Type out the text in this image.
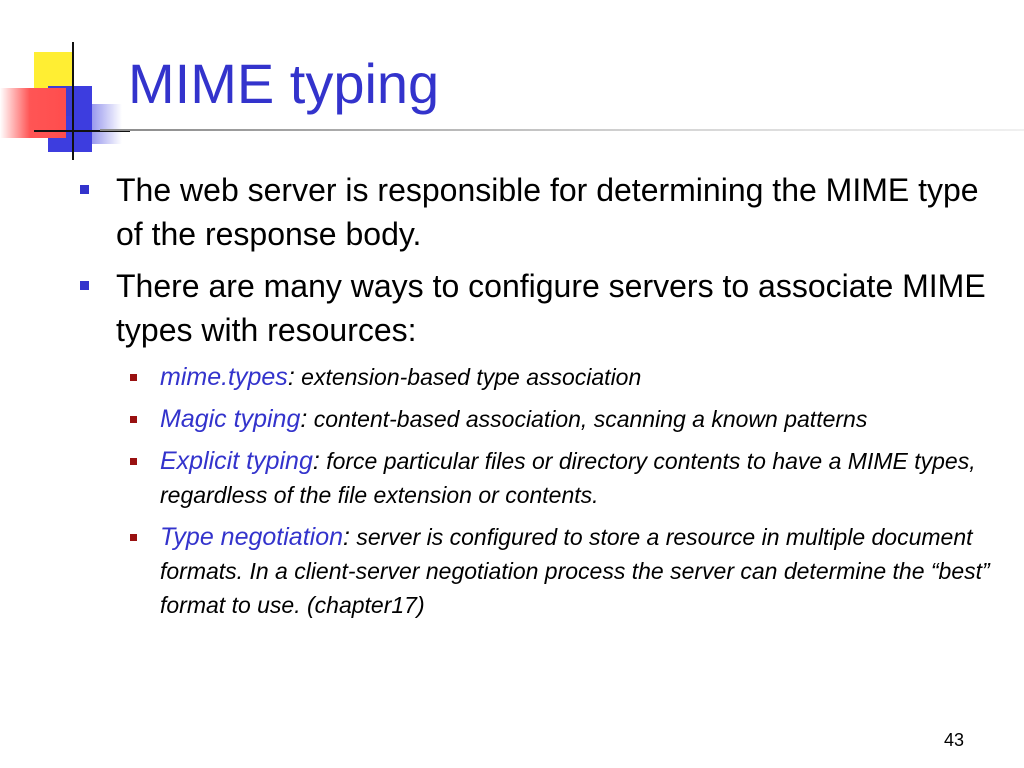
MIME typing
The web server is responsible for determining the MIME type of the response body.
There are many ways to configure servers to associate MIME types with resources:
mime.types: extension-based type association
Magic typing: content-based association, scanning a known patterns
Explicit typing: force particular files or directory contents to have a MIME types, regardless of the file extension or contents.
Type negotiation: server is configured to store a resource in multiple document formats. In a client-server negotiation process the server can determine the “best” format to use. (chapter17)
43
